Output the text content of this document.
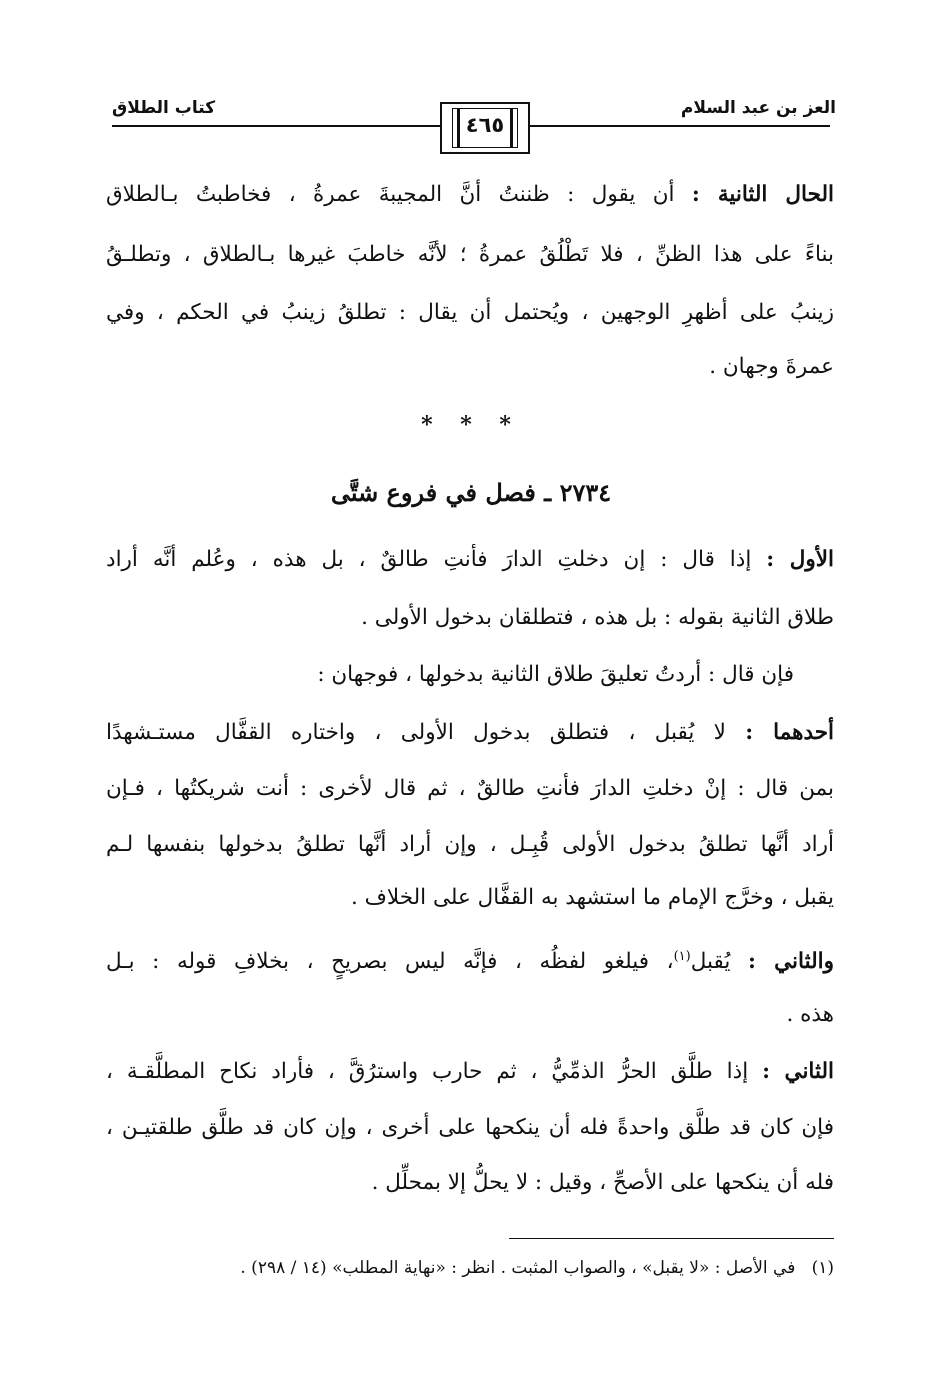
العز بن عبد السلام
كتاب الطلاق
٤٦٥
الحال الثانية : أن يقول : ظننتُ أنَّ المجيبةَ عمرةُ ، فخاطبتُ بـالطلاق
بناءً على هذا الظنِّ ، فلا تَطْلُقُ عمرةُ ؛ لأنَّه خاطبَ غيرها بـالطلاق ، وتطلـقُ
زينبُ على أظهرِ الوجهين ، ويُحتمل أن يقال : تطلقُ زينبُ في الحكم ، وفي
عمرةَ وجهان .
* * *
٢٧٣٤ ـ فصل في فروع شتَّى
الأول : إذا قال : إن دخلتِ الدارَ فأنتِ طالقٌ ، بل هذه ، وعُلم أنَّه أراد
طلاق الثانية بقوله : بل هذه ، فتطلقان بدخول الأولى .
فإن قال : أردتُ تعليقَ طلاق الثانية بدخولها ، فوجهان :
أحدهما : لا يُقبل ، فتطلق بدخول الأولى ، واختاره القفَّال مستـشهدًا
بمن قال : إنْ دخلتِ الدارَ فأنتِ طالقٌ ، ثم قال لأخرى : أنت شريكتُها ، فـإن
أراد أنَّها تطلقُ بدخول الأولى قُبِـل ، وإن أراد أنَّها تطلقُ بدخولها بنفسها لـم
يقبل ، وخرَّج الإمام ما استشهد به القفَّال على الخلاف .
والثاني : يُقبل$^{(١)}$، فيلغو لفظُه ، فإنَّه ليس بصريحٍ ، بخلافِ قوله : بـل
هذه .
الثاني : إذا طلَّق الحرُّ الذمِّيُّ ، ثم حارب واسترُقَّ ، فأراد نكاح المطلَّقـة ،
فإن كان قد طلَّق واحدةً فله أن ينكحها على أخرى ، وإن كان قد طلَّق طلقتيـن ،
فله أن ينكحها على الأصحِّ ، وقيل : لا يحلُّ إلا بمحلِّل .
(١)   في الأصل : «لا يقبل» ، والصواب المثبت . انظر : «نهاية المطلب» (١٤ / ٢٩٨) .
